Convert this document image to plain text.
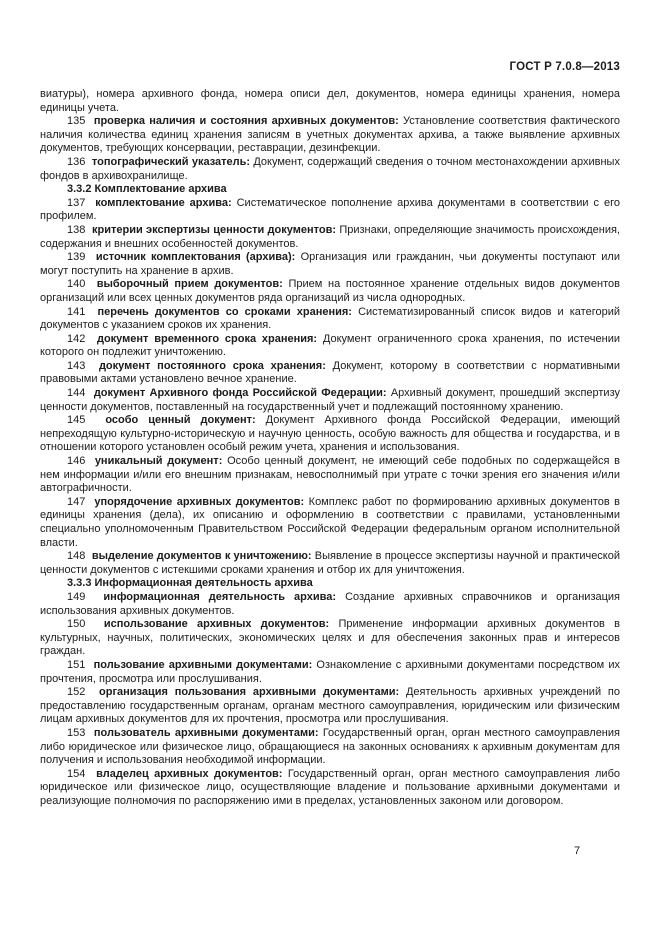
ГОСТ Р 7.0.8—2013

виатуры), номера архивного фонда, номера описи дел, документов, номера единицы хранения, номера единицы учета.

135 проверка наличия и состояния архивных документов: Установление соответствия фактического наличия количества единиц хранения записям в учетных документах архива, а также выявление архивных документов, требующих консервации, реставрации, дезинфекции.

136 топографический указатель: Документ, содержащий сведения о точном местонахождении архивных фондов в архивохранилище.

3.3.2 Комплектование архива

137 комплектование архива: Систематическое пополнение архива документами в соответствии с его профилем.

138 критерии экспертизы ценности документов: Признаки, определяющие значимость происхождения, содержания и внешних особенностей документов.

139 источник комплектования (архива): Организация или гражданин, чьи документы поступают или могут поступить на хранение в архив.

140 выборочный прием документов: Прием на постоянное хранение отдельных видов документов организаций или всех ценных документов ряда организаций из числа однородных.

141 перечень документов со сроками хранения: Систематизированный список видов и категорий документов с указанием сроков их хранения.

142 документ временного срока хранения: Документ ограниченного срока хранения, по истечении которого он подлежит уничтожению.

143 документ постоянного срока хранения: Документ, которому в соответствии с нормативными правовыми актами установлено вечное хранение.

144 документ Архивного фонда Российской Федерации: Архивный документ, прошедший экспертизу ценности документов, поставленный на государственный учет и подлежащий постоянному хранению.

145 особо ценный документ: Документ Архивного фонда Российской Федерации, имеющий непреходящую культурно-историческую и научную ценность, особую важность для общества и государства, и в отношении которого установлен особый режим учета, хранения и использования.

146 уникальный документ: Особо ценный документ, не имеющий себе подобных по содержащейся в нем информации и/или его внешним признакам, невосполнимый при утрате с точки зрения его значения и/или автографичности.

147 упорядочение архивных документов: Комплекс работ по формированию архивных документов в единицы хранения (дела), их описанию и оформлению в соответствии с правилами, установленными специально уполномоченным Правительством Российской Федерации федеральным органом исполнительной власти.

148 выделение документов к уничтожению: Выявление в процессе экспертизы научной и практической ценности документов с истекшими сроками хранения и отбор их для уничтожения.

3.3.3 Информационная деятельность архива

149 информационная деятельность архива: Создание архивных справочников и организация использования архивных документов.

150 использование архивных документов: Применение информации архивных документов в культурных, научных, политических, экономических целях и для обеспечения законных прав и интересов граждан.

151 пользование архивными документами: Ознакомление с архивными документами посредством их прочтения, просмотра или прослушивания.

152 организация пользования архивными документами: Деятельность архивных учреждений по предоставлению государственным органам, органам местного самоуправления, юридическим или физическим лицам архивных документов для их прочтения, просмотра или прослушивания.

153 пользователь архивными документами: Государственный орган, орган местного самоуправления либо юридическое или физическое лицо, обращающиеся на законных основаниях к архивным документам для получения и использования необходимой информации.

154 владелец архивных документов: Государственный орган, орган местного самоуправления либо юридическое или физическое лицо, осуществляющие владение и пользование архивными документами и реализующие полномочия по распоряжению ими в пределах, установленных законом или договором.

7
